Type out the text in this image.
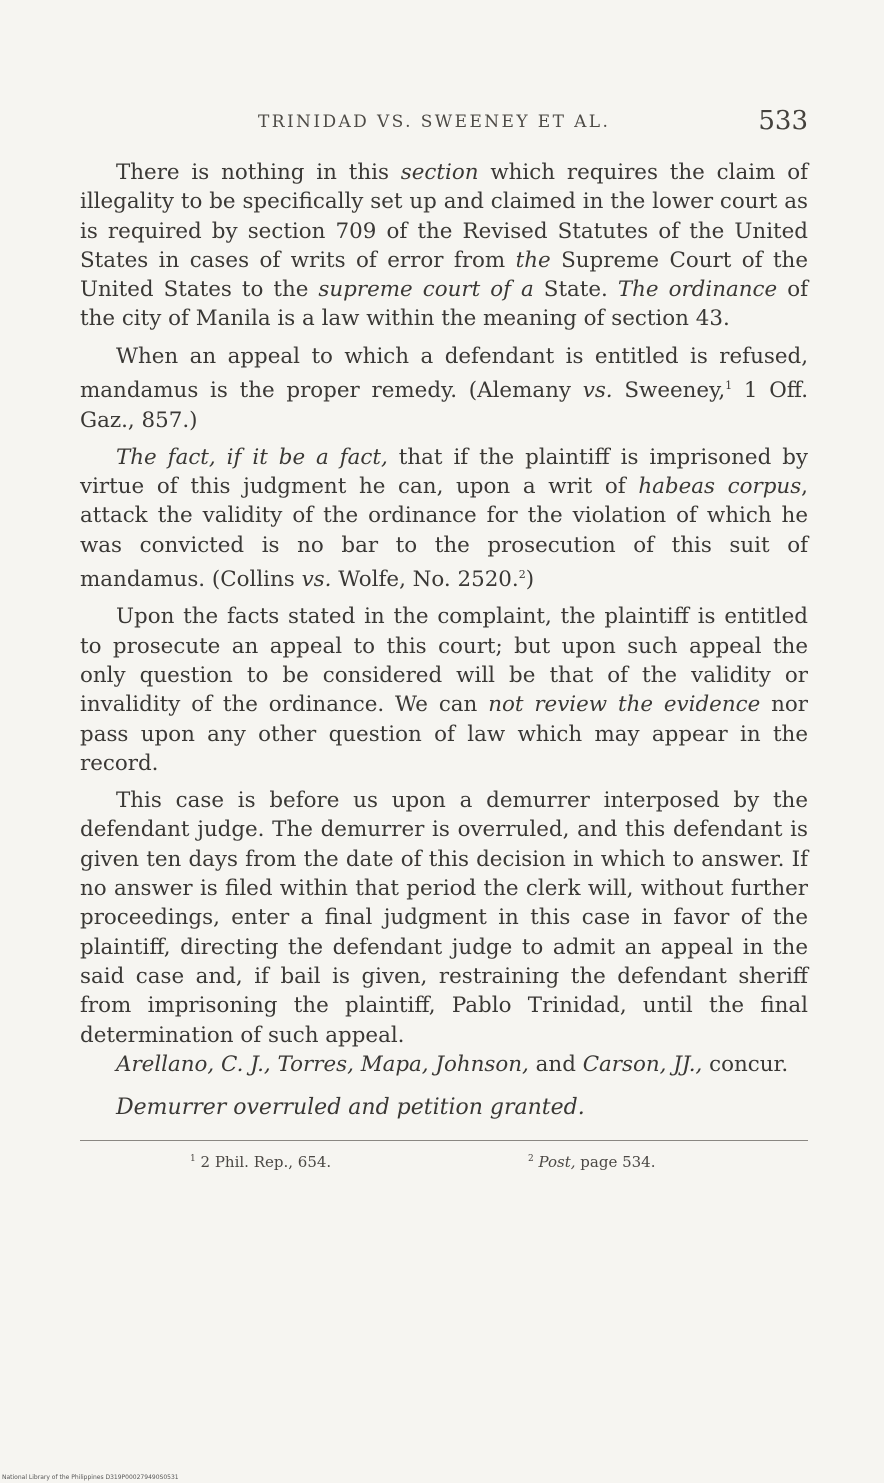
TRINIDAD VS. SWEENEY ET AL.	533

There is nothing in this section which requires the claim of illegality to be specifically set up and claimed in the lower court as is required by section 709 of the Revised Statutes of the United States in cases of writs of error from the Supreme Court of the United States to the supreme court of a State. The ordinance of the city of Manila is a law within the meaning of section 43.

When an appeal to which a defendant is entitled is refused, mandamus is the proper remedy. (Alemany vs. Sweeney,$^1$ 1 Off. Gaz., 857.)

The fact, if it be a fact, that if the plaintiff is imprisoned by virtue of this judgment he can, upon a writ of habeas corpus, attack the validity of the ordinance for the violation of which he was convicted is no bar to the prosecution of this suit of mandamus. (Collins vs. Wolfe, No. 2520.$^2$)

Upon the facts stated in the complaint, the plaintiff is entitled to prosecute an appeal to this court; but upon such appeal the only question to be considered will be that of the validity or invalidity of the ordinance. We can not review the evidence nor pass upon any other question of law which may appear in the record.

This case is before us upon a demurrer interposed by the defendant judge. The demurrer is overruled, and this defendant is given ten days from the date of this decision in which to answer. If no answer is filed within that period the clerk will, without further proceedings, enter a final judgment in this case in favor of the plaintiff, directing the defendant judge to admit an appeal in the said case and, if bail is given, restraining the defendant sheriff from imprisoning the plaintiff, Pablo Trinidad, until the final determination of such appeal.

Arellano, C. J., Torres, Mapa, Johnson, and Carson, JJ., concur.

Demurrer overruled and petition granted.
$^1$ 2 Phil. Rep., 654.	$^2$ Post, page 534.
National Library of the Philippines D319P000279490S0531
